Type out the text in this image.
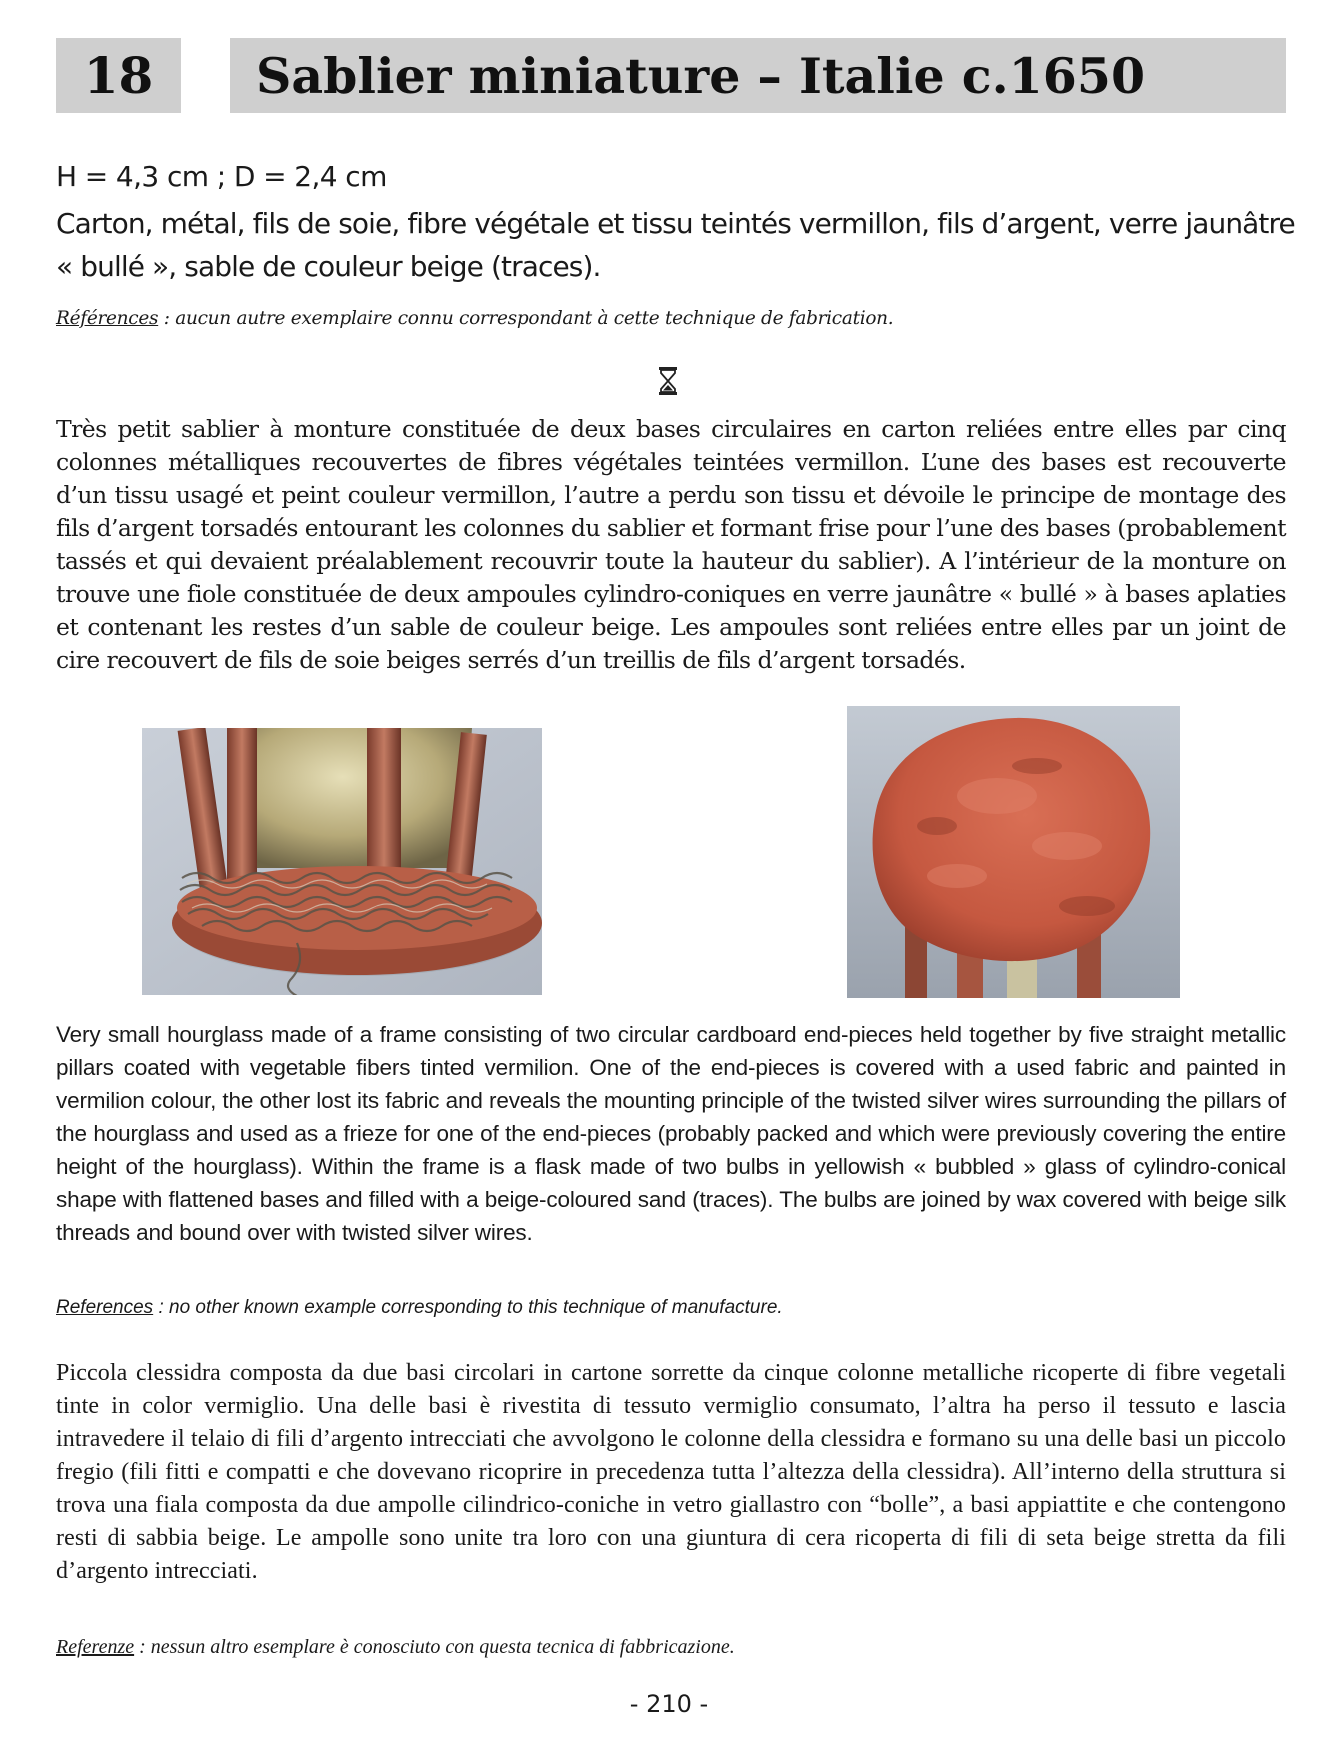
18 Sablier miniature – Italie c.1650
H = 4,3 cm ; D = 2,4 cm
Carton, métal, fils de soie, fibre végétale et tissu teintés vermillon, fils d’argent, verre jaunâtre « bullé », sable de couleur beige (traces).
Références : aucun autre exemplaire connu correspondant à cette technique de fabrication.
Très petit sablier à monture constituée de deux bases circulaires en carton reliées entre elles par cinq colonnes métalliques recouvertes de fibres végétales teintées vermillon. L’une des bases est recouverte d’un tissu usagé et peint couleur vermillon, l’autre a perdu son tissu et dévoile le principe de montage des fils d’argent torsadés entourant les colonnes du sablier et formant frise pour l’une des bases (probablement tassés et qui devaient préalablement recouvrir toute la hauteur du sablier). A l’intérieur de la monture on trouve une fiole constituée de deux ampoules cylindro-coniques en verre jaunâtre « bullé » à bases aplaties et contenant les restes d’un sable de couleur beige. Les ampoules sont reliées entre elles par un joint de cire recouvert de fils de soie beiges serrés d’un treillis de fils d’argent torsadés.
Very small hourglass made of a frame consisting of two circular cardboard end-pieces held together by five straight metallic pillars coated with vegetable fibers tinted vermilion. One of the end-pieces is covered with a used fabric and painted in vermilion colour, the other lost its fabric and reveals the mounting principle of the twisted silver wires surrounding the pillars of the hourglass and used as a frieze for one of the end-pieces (probably packed and which were previously covering the entire height of the hourglass). Within the frame is a flask made of two bulbs in yellowish « bubbled » glass of cylindro-conical shape with flattened bases and filled with a beige-coloured sand (traces). The bulbs are joined by wax covered with beige silk threads and bound over with twisted silver wires.
References : no other known example corresponding to this technique of manufacture.
Piccola clessidra composta da due basi circolari in cartone sorrette da cinque colonne metalliche ricoperte di fibre vegetali tinte in color vermiglio. Una delle basi è rivestita di tessuto vermiglio consumato, l’altra ha perso il tessuto e lascia intravedere il telaio di fili d’argento intrecciati che avvolgono le colonne della clessidra e formano su una delle basi un piccolo fregio (fili fitti e compatti e che dovevano ricoprire in precedenza tutta l’altezza della clessidra). All’interno della struttura si trova una fiala composta da due ampolle cilindrico-coniche in vetro giallastro con “bolle”, a basi appiattite e che contengono resti di sabbia beige. Le ampolle sono unite tra loro con una giuntura di cera ricoperta di fili di seta beige stretta da fili d’argento intrecciati.
Referenze : nessun altro esemplare è conosciuto con questa tecnica di fabbricazione.
- 210 -
